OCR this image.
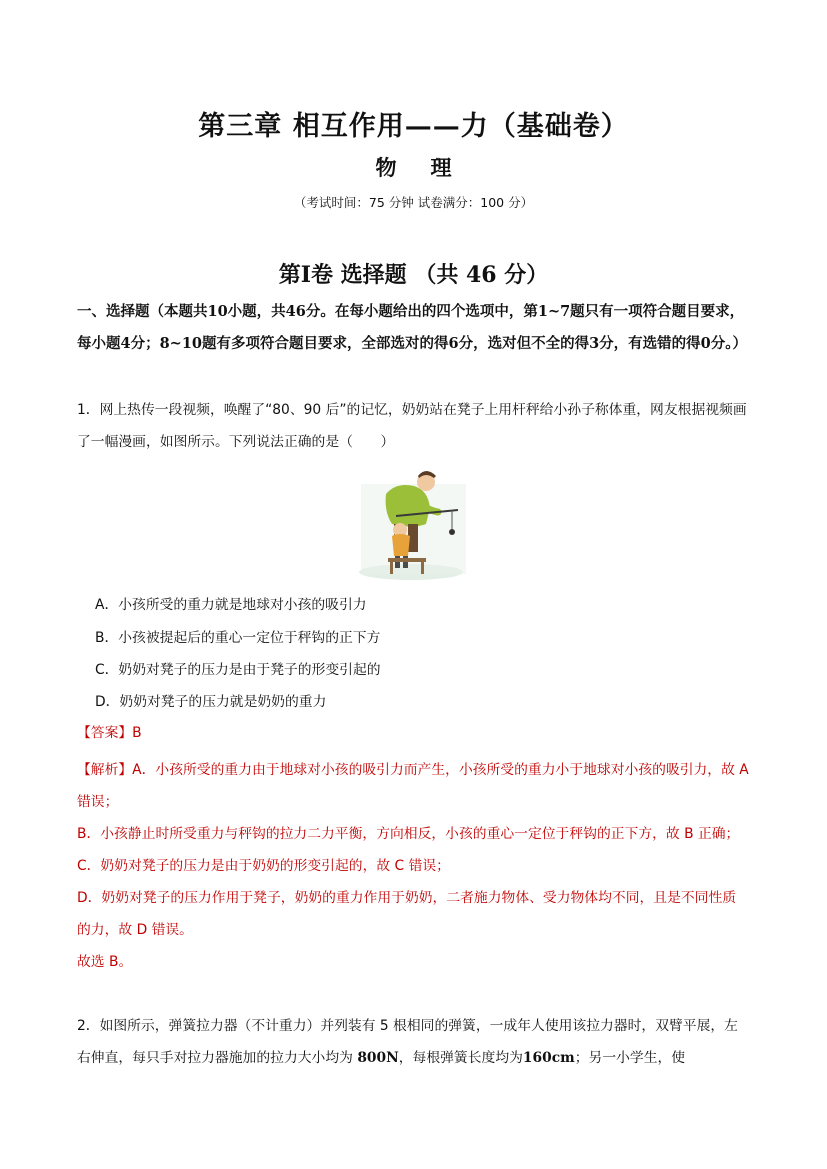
第三章 相互作用——力（基础卷）
物理
（考试时间：75 分钟 试卷满分：100 分）
第Ⅰ卷 选择题 （共 46 分）
一、选择题（本题共10小题，共46分。在每小题给出的四个选项中，第1~7题只有一项符合题目要求，每小题4分；8~10题有多项符合题目要求，全部选对的得6分，选对但不全的得3分，有选错的得0分。）
1．网上热传一段视频，唤醒了“80、90 后”的记忆，奶奶站在凳子上用杆秤给小孙子称体重，网友根据视频画了一幅漫画，如图所示。下列说法正确的是（　　）
A．小孩所受的重力就是地球对小孩的吸引力
B．小孩被提起后的重心一定位于秤钩的正下方
C．奶奶对凳子的压力是由于凳子的形变引起的
D．奶奶对凳子的压力就是奶奶的重力
【答案】B

【解析】A．小孩所受的重力由于地球对小孩的吸引力而产生，小孩所受的重力小于地球对小孩的吸引力，故 A 错误；

B．小孩静止时所受重力与秤钩的拉力二力平衡，方向相反，小孩的重心一定位于秤钩的正下方，故 B 正确；

C．奶奶对凳子的压力是由于奶奶的形变引起的，故 C 错误；

D．奶奶对凳子的压力作用于凳子，奶奶的重力作用于奶奶，二者施力物体、受力物体均不同，且是不同性质的力，故 D 错误。

故选 B。

2．如图所示，弹簧拉力器（不计重力）并列装有 5 根相同的弹簧，一成年人使用该拉力器时，双臂平展，左右伸直，每只手对拉力器施加的拉力大小均为 800N，每根弹簧长度均为160cm；另一小学生，使
